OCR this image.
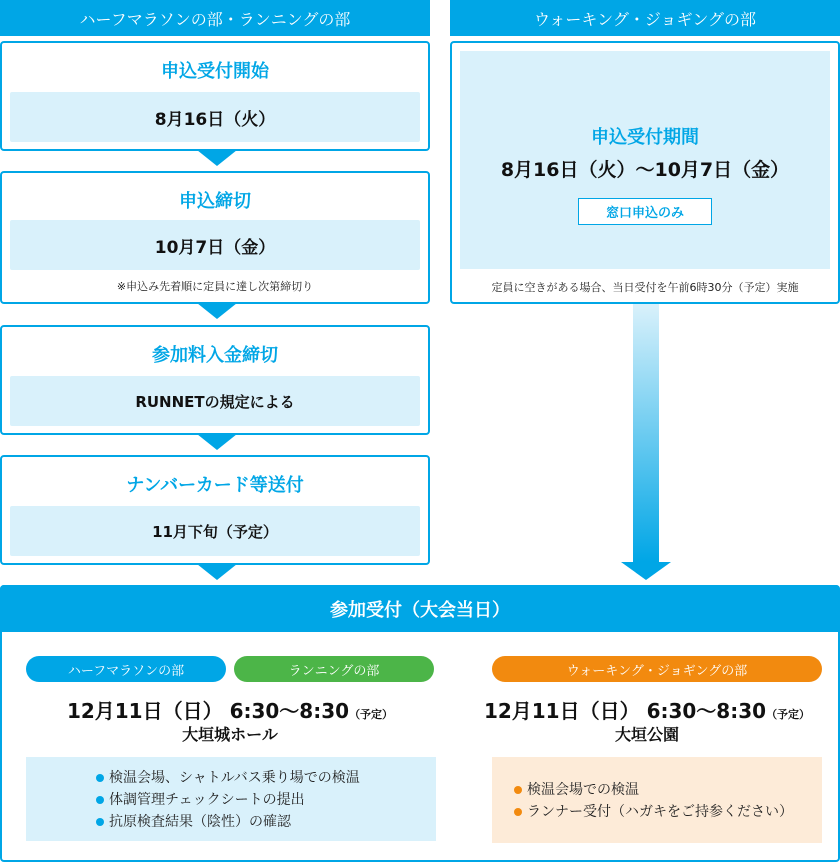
ハーフマラソンの部・ランニングの部	ウォーキング・ジョギングの部
申込受付開始
8月16日（火）
申込締切
10月7日（金）
※申込み先着順に定員に達し次第締切り
参加料入金締切
RUNNETの規定による
ナンバーカード等送付
11月下旬（予定）
申込受付期間
8月16日（火）～10月7日（金）
窓口申込のみ
定員に空きがある場合、当日受付を午前6時30分（予定）実施
参加受付（大会当日）
ハーフマラソンの部	ランニングの部
12月11日（日） 6:30～8:30（予定）
大垣城ホール
検温会場、シャトルバス乗り場での検温
体調管理チェックシートの提出
抗原検査結果（陰性）の確認
ウォーキング・ジョギングの部
12月11日（日） 6:30～8:30（予定）
大垣公園
検温会場での検温
ランナー受付（ハガキをご持参ください）
